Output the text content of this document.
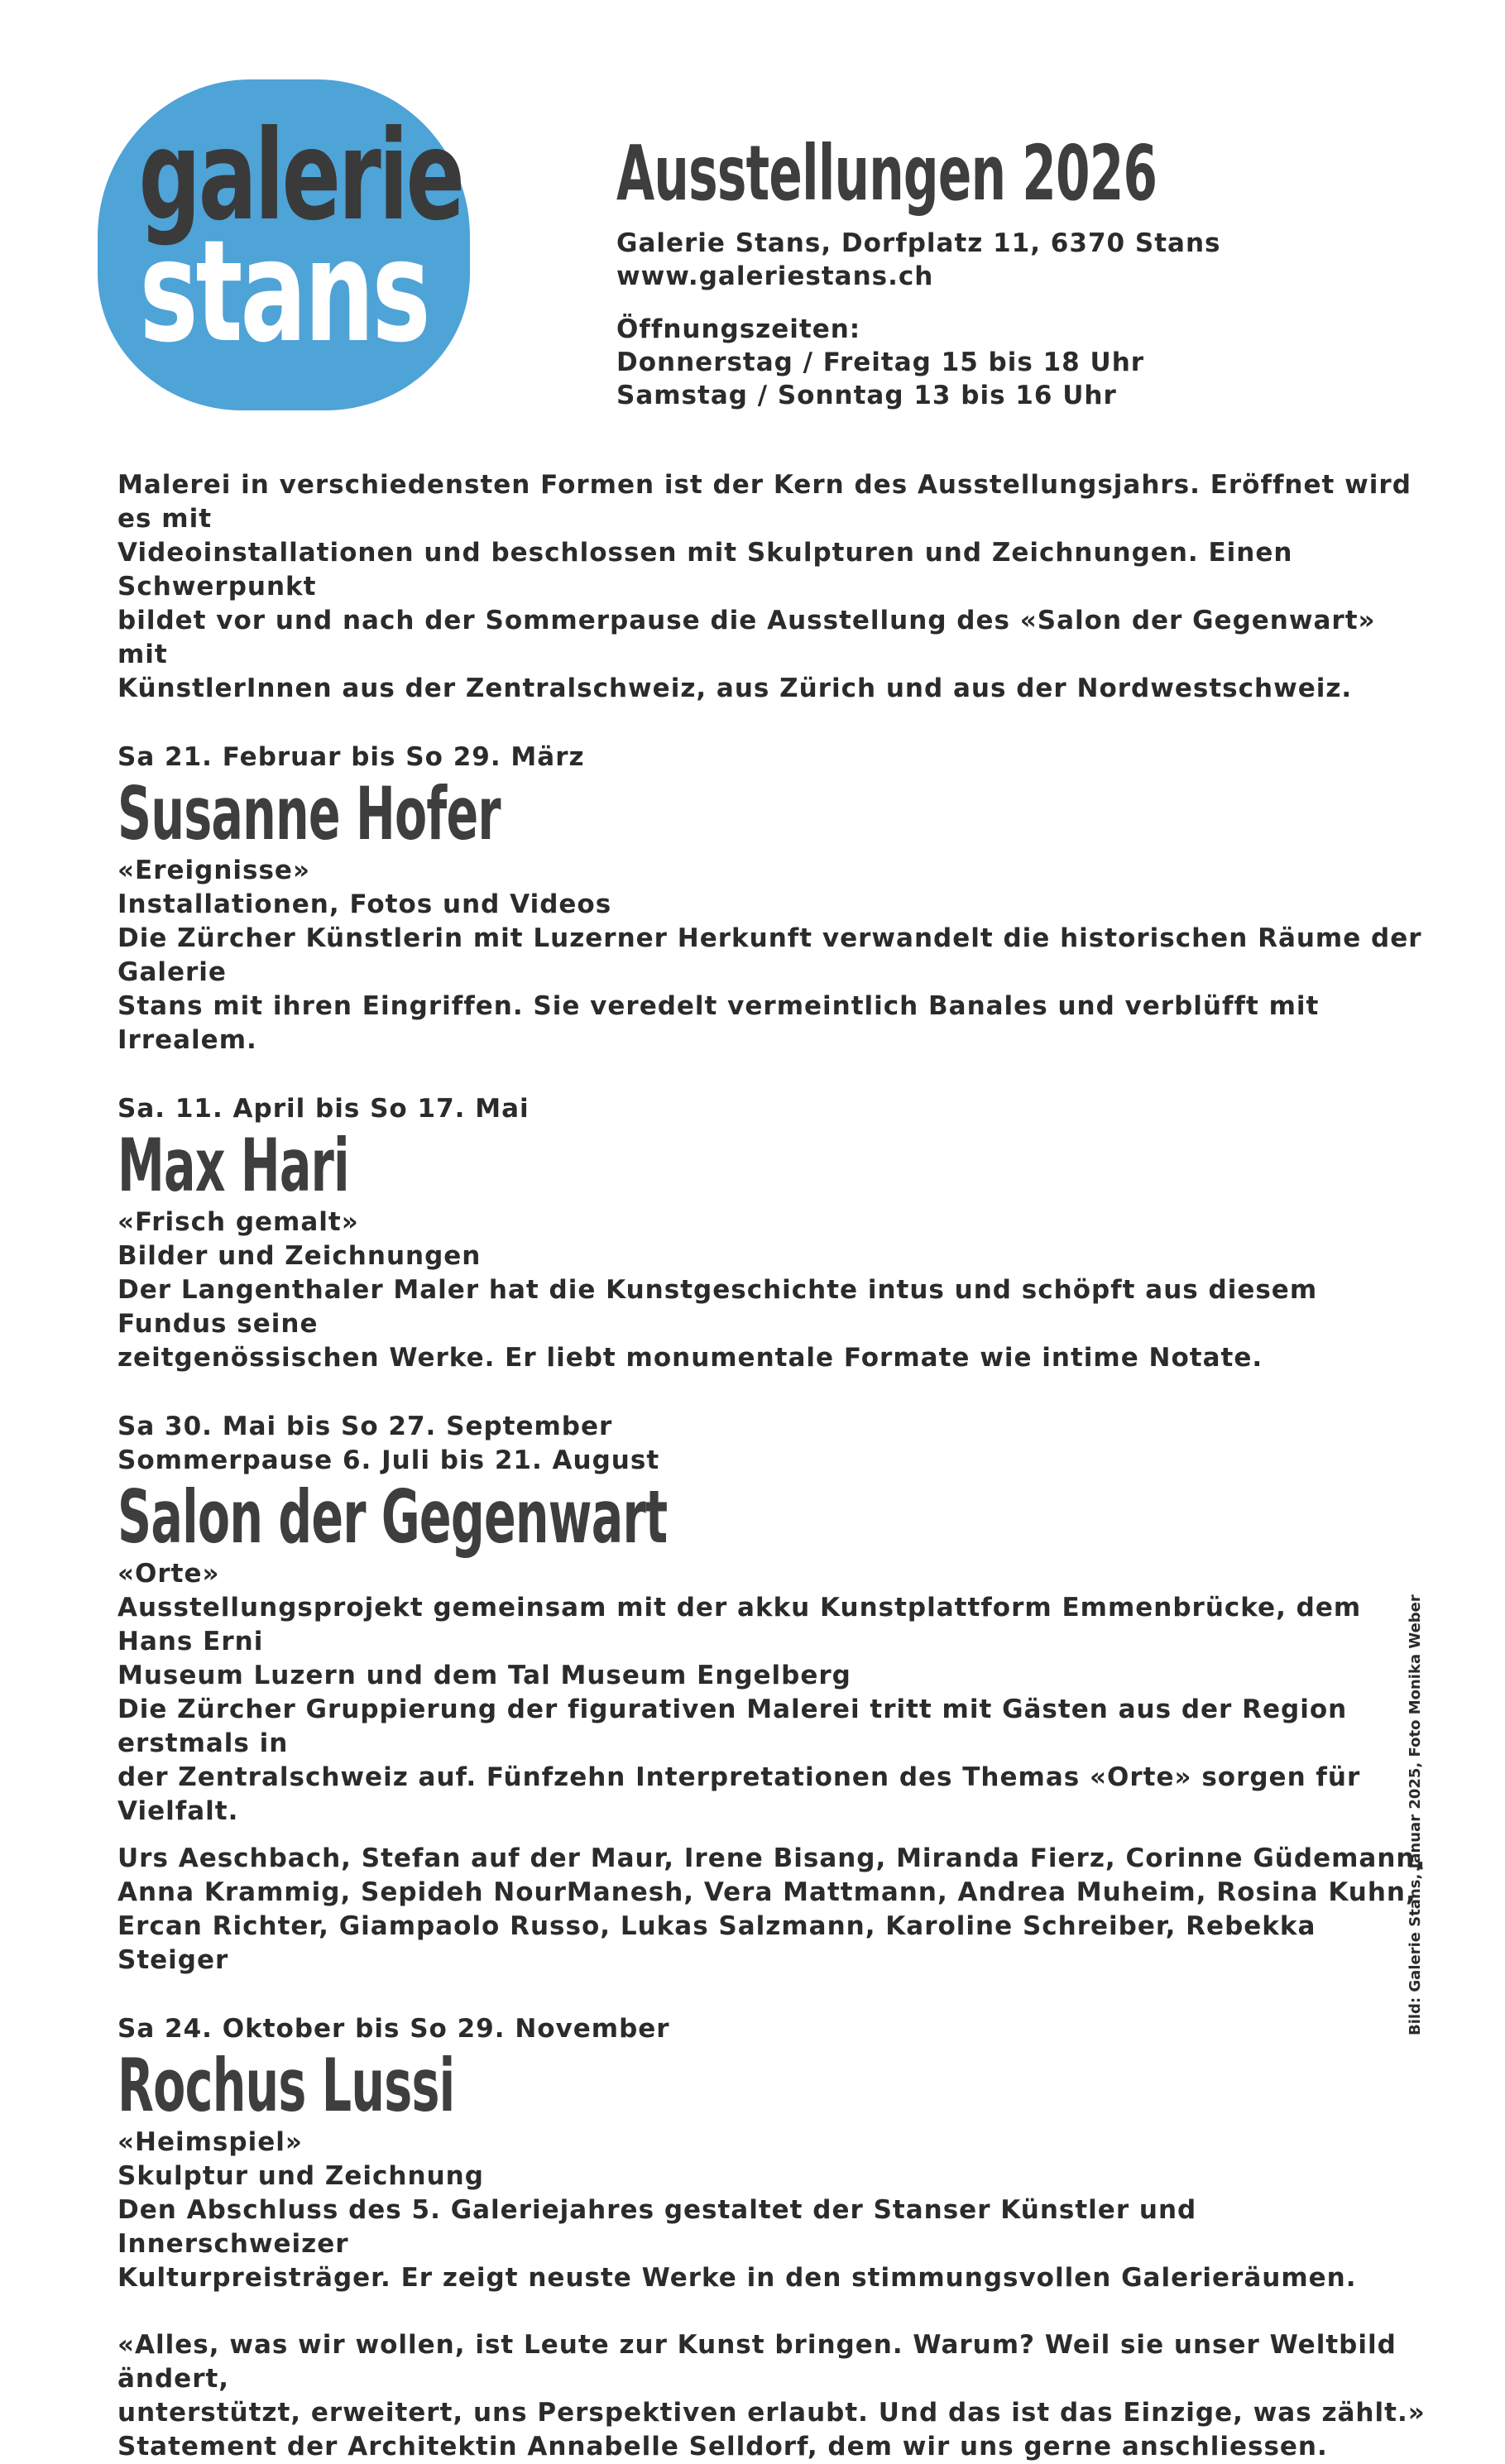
galerie
stans
Ausstellungen 2026
Galerie Stans, Dorfplatz 11, 6370 Stans
www.galeriestans.ch
Öffnungszeiten:
Donnerstag / Freitag 15 bis 18 Uhr
Samstag / Sonntag 13 bis 16 Uhr
Malerei in verschiedensten Formen ist der Kern des Ausstellungsjahrs. Eröffnet wird es mit
Videoinstallationen und beschlossen mit Skulpturen und Zeichnungen. Einen Schwerpunkt
bildet vor und nach der Sommerpause die Ausstellung des «Salon der Gegenwart» mit
KünstlerInnen aus der Zentralschweiz, aus Zürich und aus der Nordwestschweiz.
Sa 21. Februar bis So 29. März
Susanne Hofer
«Ereignisse»
Installationen, Fotos und Videos
Die Zürcher Künstlerin mit Luzerner Herkunft verwandelt die historischen Räume der Galerie
Stans mit ihren Eingriffen. Sie veredelt vermeintlich Banales und verblüfft mit Irrealem.
Sa. 11. April bis So 17. Mai
Max Hari
«Frisch gemalt»
Bilder und Zeichnungen
Der Langenthaler Maler hat die Kunstgeschichte intus und schöpft aus diesem Fundus seine
zeitgenössischen Werke. Er liebt monumentale Formate wie intime Notate.
Sa 30. Mai bis So 27. September
Sommerpause 6. Juli bis 21. August
Salon der Gegenwart
«Orte»
Ausstellungsprojekt gemeinsam mit der akku Kunstplattform Emmenbrücke, dem Hans Erni
Museum Luzern und dem Tal Museum Engelberg
Die Zürcher Gruppierung der figurativen Malerei tritt mit Gästen aus der Region erstmals in
der Zentralschweiz auf. Fünfzehn Interpretationen des Themas «Orte» sorgen für Vielfalt.
Urs Aeschbach, Stefan auf der Maur, Irene Bisang, Miranda Fierz, Corinne Güdemann,
Anna Krammig, Sepideh NourManesh, Vera Mattmann, Andrea Muheim, Rosina Kuhn,
Ercan Richter, Giampaolo Russo, Lukas Salzmann, Karoline Schreiber, Rebekka Steiger
Sa 24. Oktober bis So 29. November
Rochus Lussi
«Heimspiel»
Skulptur und Zeichnung
Den Abschluss des 5. Galeriejahres gestaltet der Stanser Künstler und Innerschweizer
Kulturpreisträger. Er zeigt neuste Werke in den stimmungsvollen Galerieräumen.
«Alles, was wir wollen, ist Leute zur Kunst bringen. Warum? Weil sie unser Weltbild ändert,
unterstützt, erweitert, uns Perspektiven erlaubt. Und das ist das Einzige, was zählt.»
Statement der Architektin Annabelle Selldorf, dem wir uns gerne anschliessen.
Bild: Galerie Stans, Januar 2025, Foto Monika Weber
